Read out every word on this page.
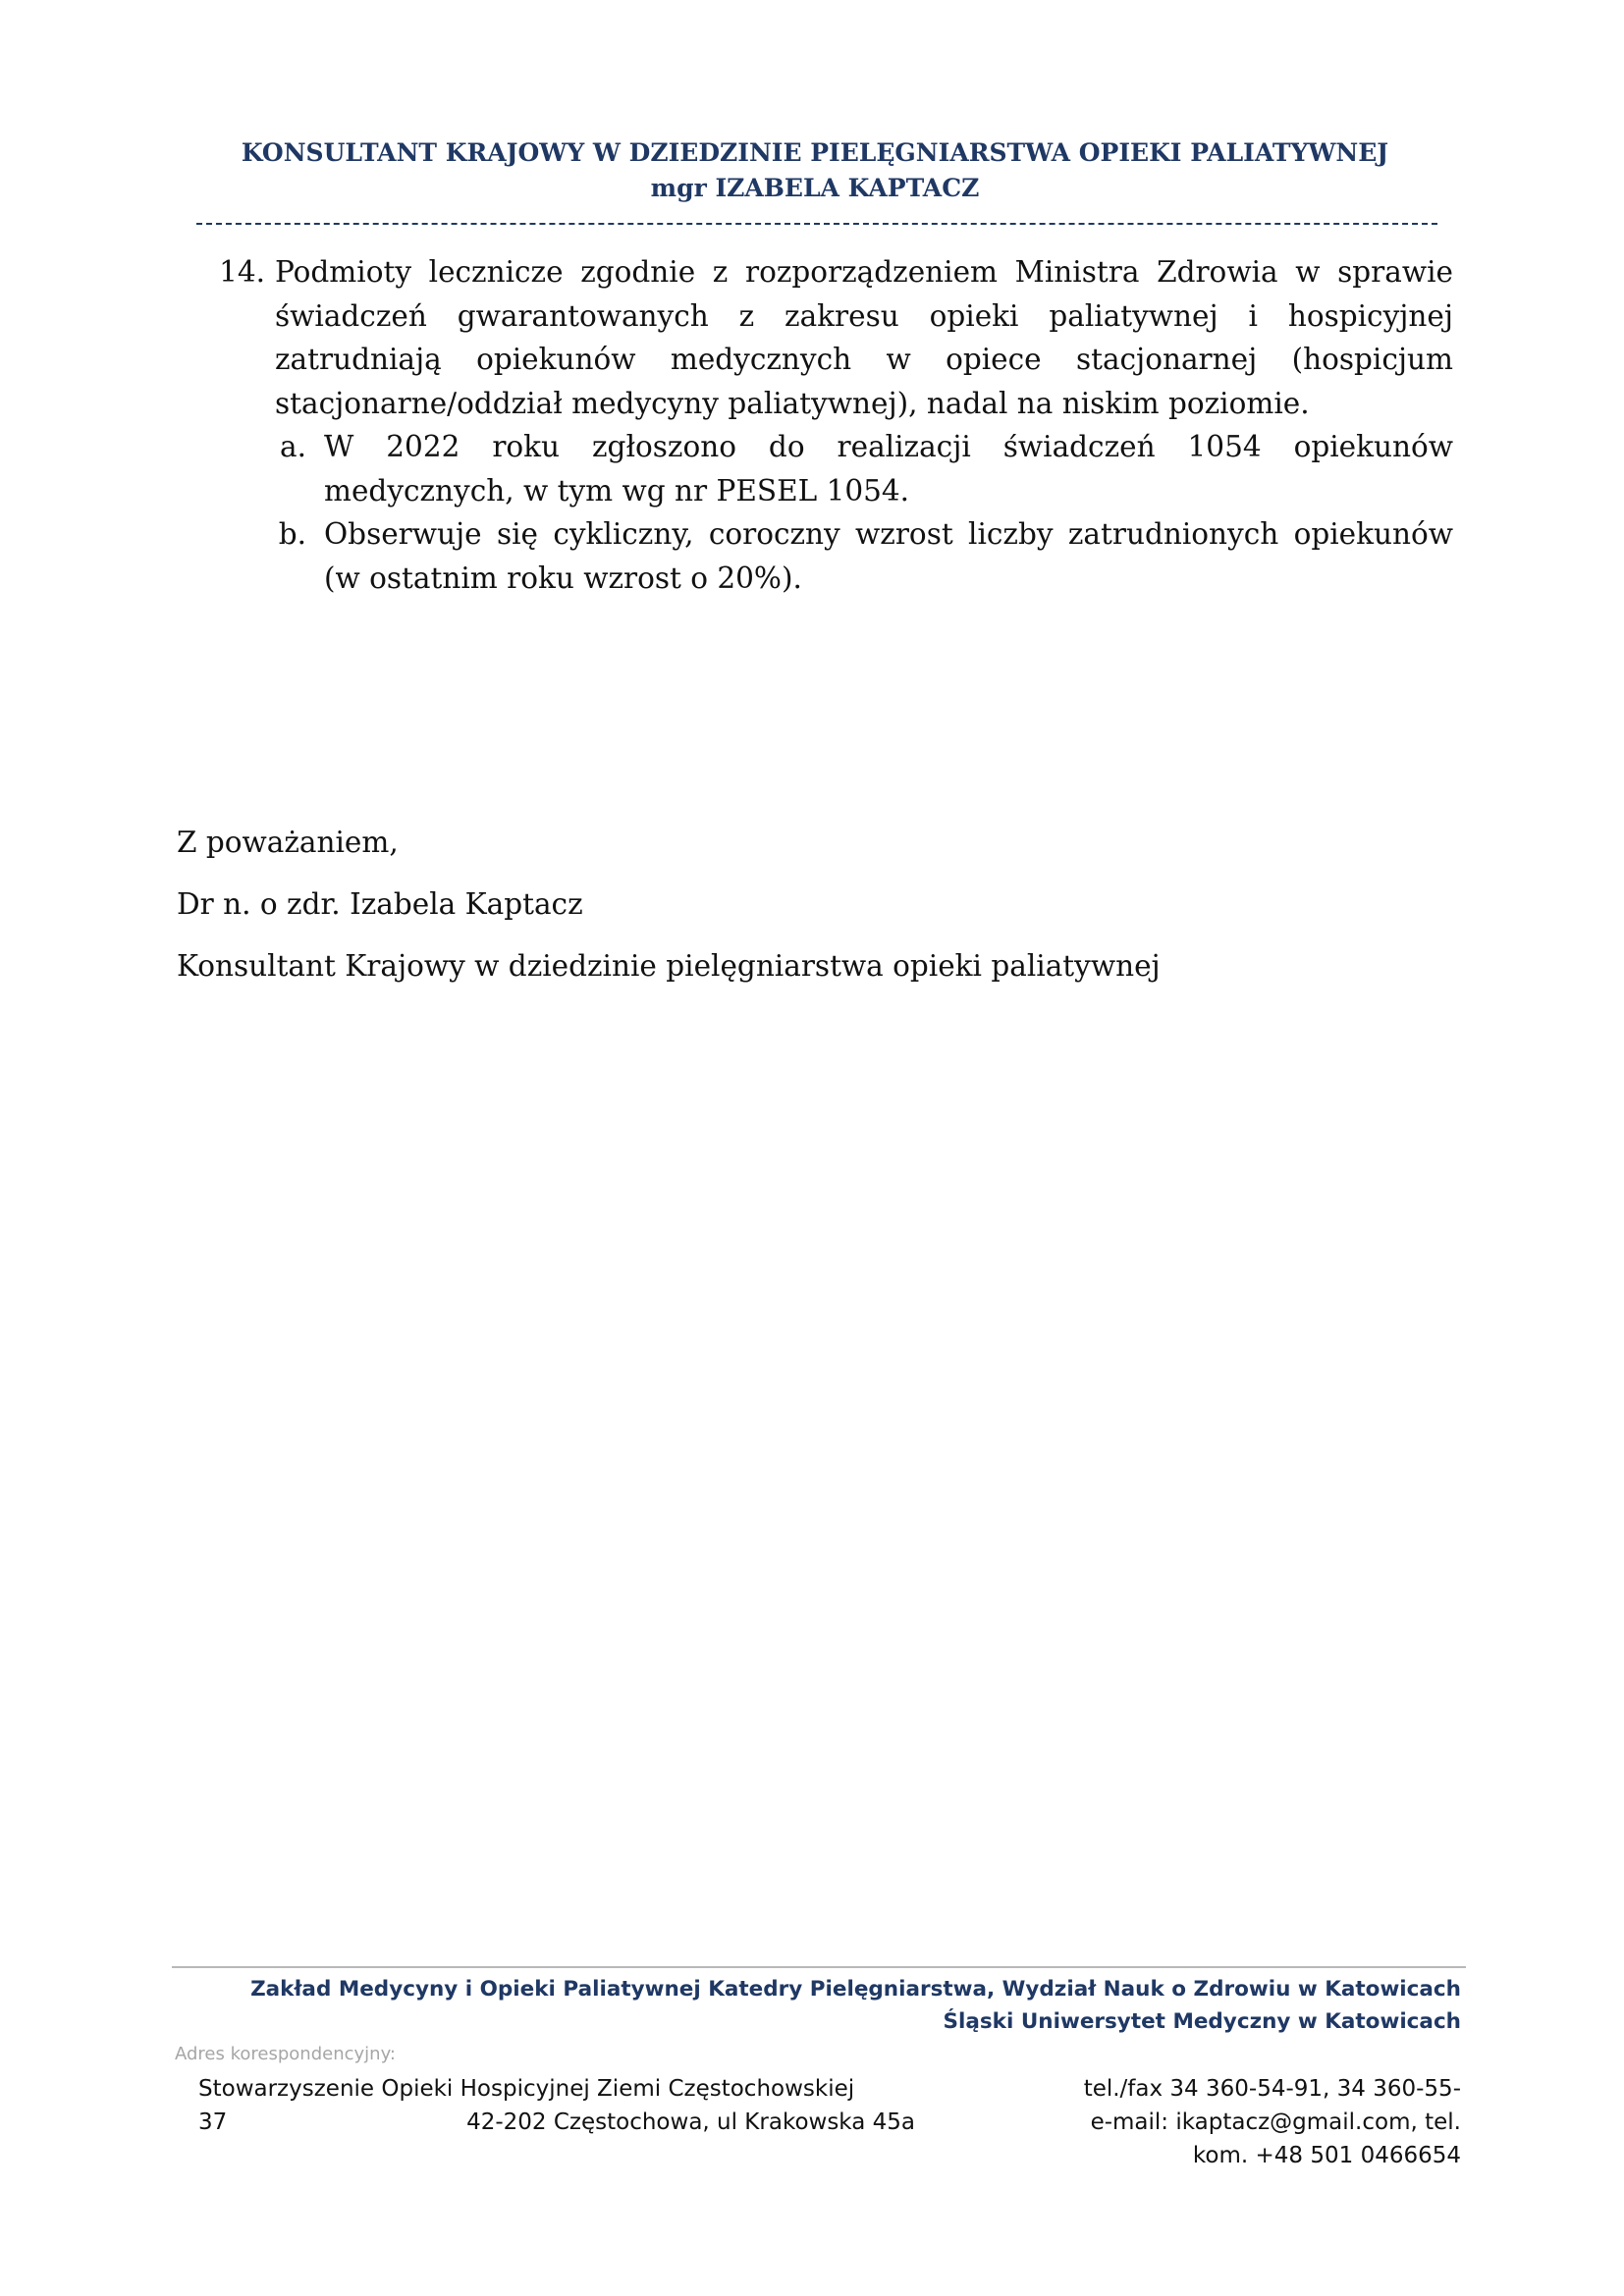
KONSULTANT KRAJOWY W DZIEDZINIE PIELĘGNIARSTWA OPIEKI PALIATYWNEJ
mgr IZABELA KAPTACZ
14. Podmioty lecznicze zgodnie z rozporządzeniem Ministra Zdrowia w sprawie świadczeń gwarantowanych z zakresu opieki paliatywnej i hospicyjnej zatrudniają opiekunów medycznych w opiece stacjonarnej (hospicjum stacjonarne/oddział medycyny paliatywnej), nadal na niskim poziomie.
a. W 2022 roku zgłoszono do realizacji świadczeń 1054 opiekunów medycznych, w tym wg nr PESEL 1054.
b. Obserwuje się cykliczny, coroczny wzrost liczby zatrudnionych opiekunów (w ostatnim roku wzrost o 20%).

Z poważaniem,

Dr n. o zdr. Izabela Kaptacz

Konsultant Krajowy w dziedzinie pielęgniarstwa opieki paliatywnej

Zakład Medycyny i Opieki Paliatywnej Katedry Pielęgniarstwa, Wydział Nauk o Zdrowiu w Katowicach
Śląski Uniwersytet Medyczny w Katowicach
Adres korespondencyjny:
Stowarzyszenie Opieki Hospicyjnej Ziemi Częstochowskiej
37	42-202 Częstochowa, ul Krakowska 45a
tel./fax 34 360-54-91, 34 360-55-
e-mail: ikaptacz@gmail.com, tel.
kom. +48 501 0466654
